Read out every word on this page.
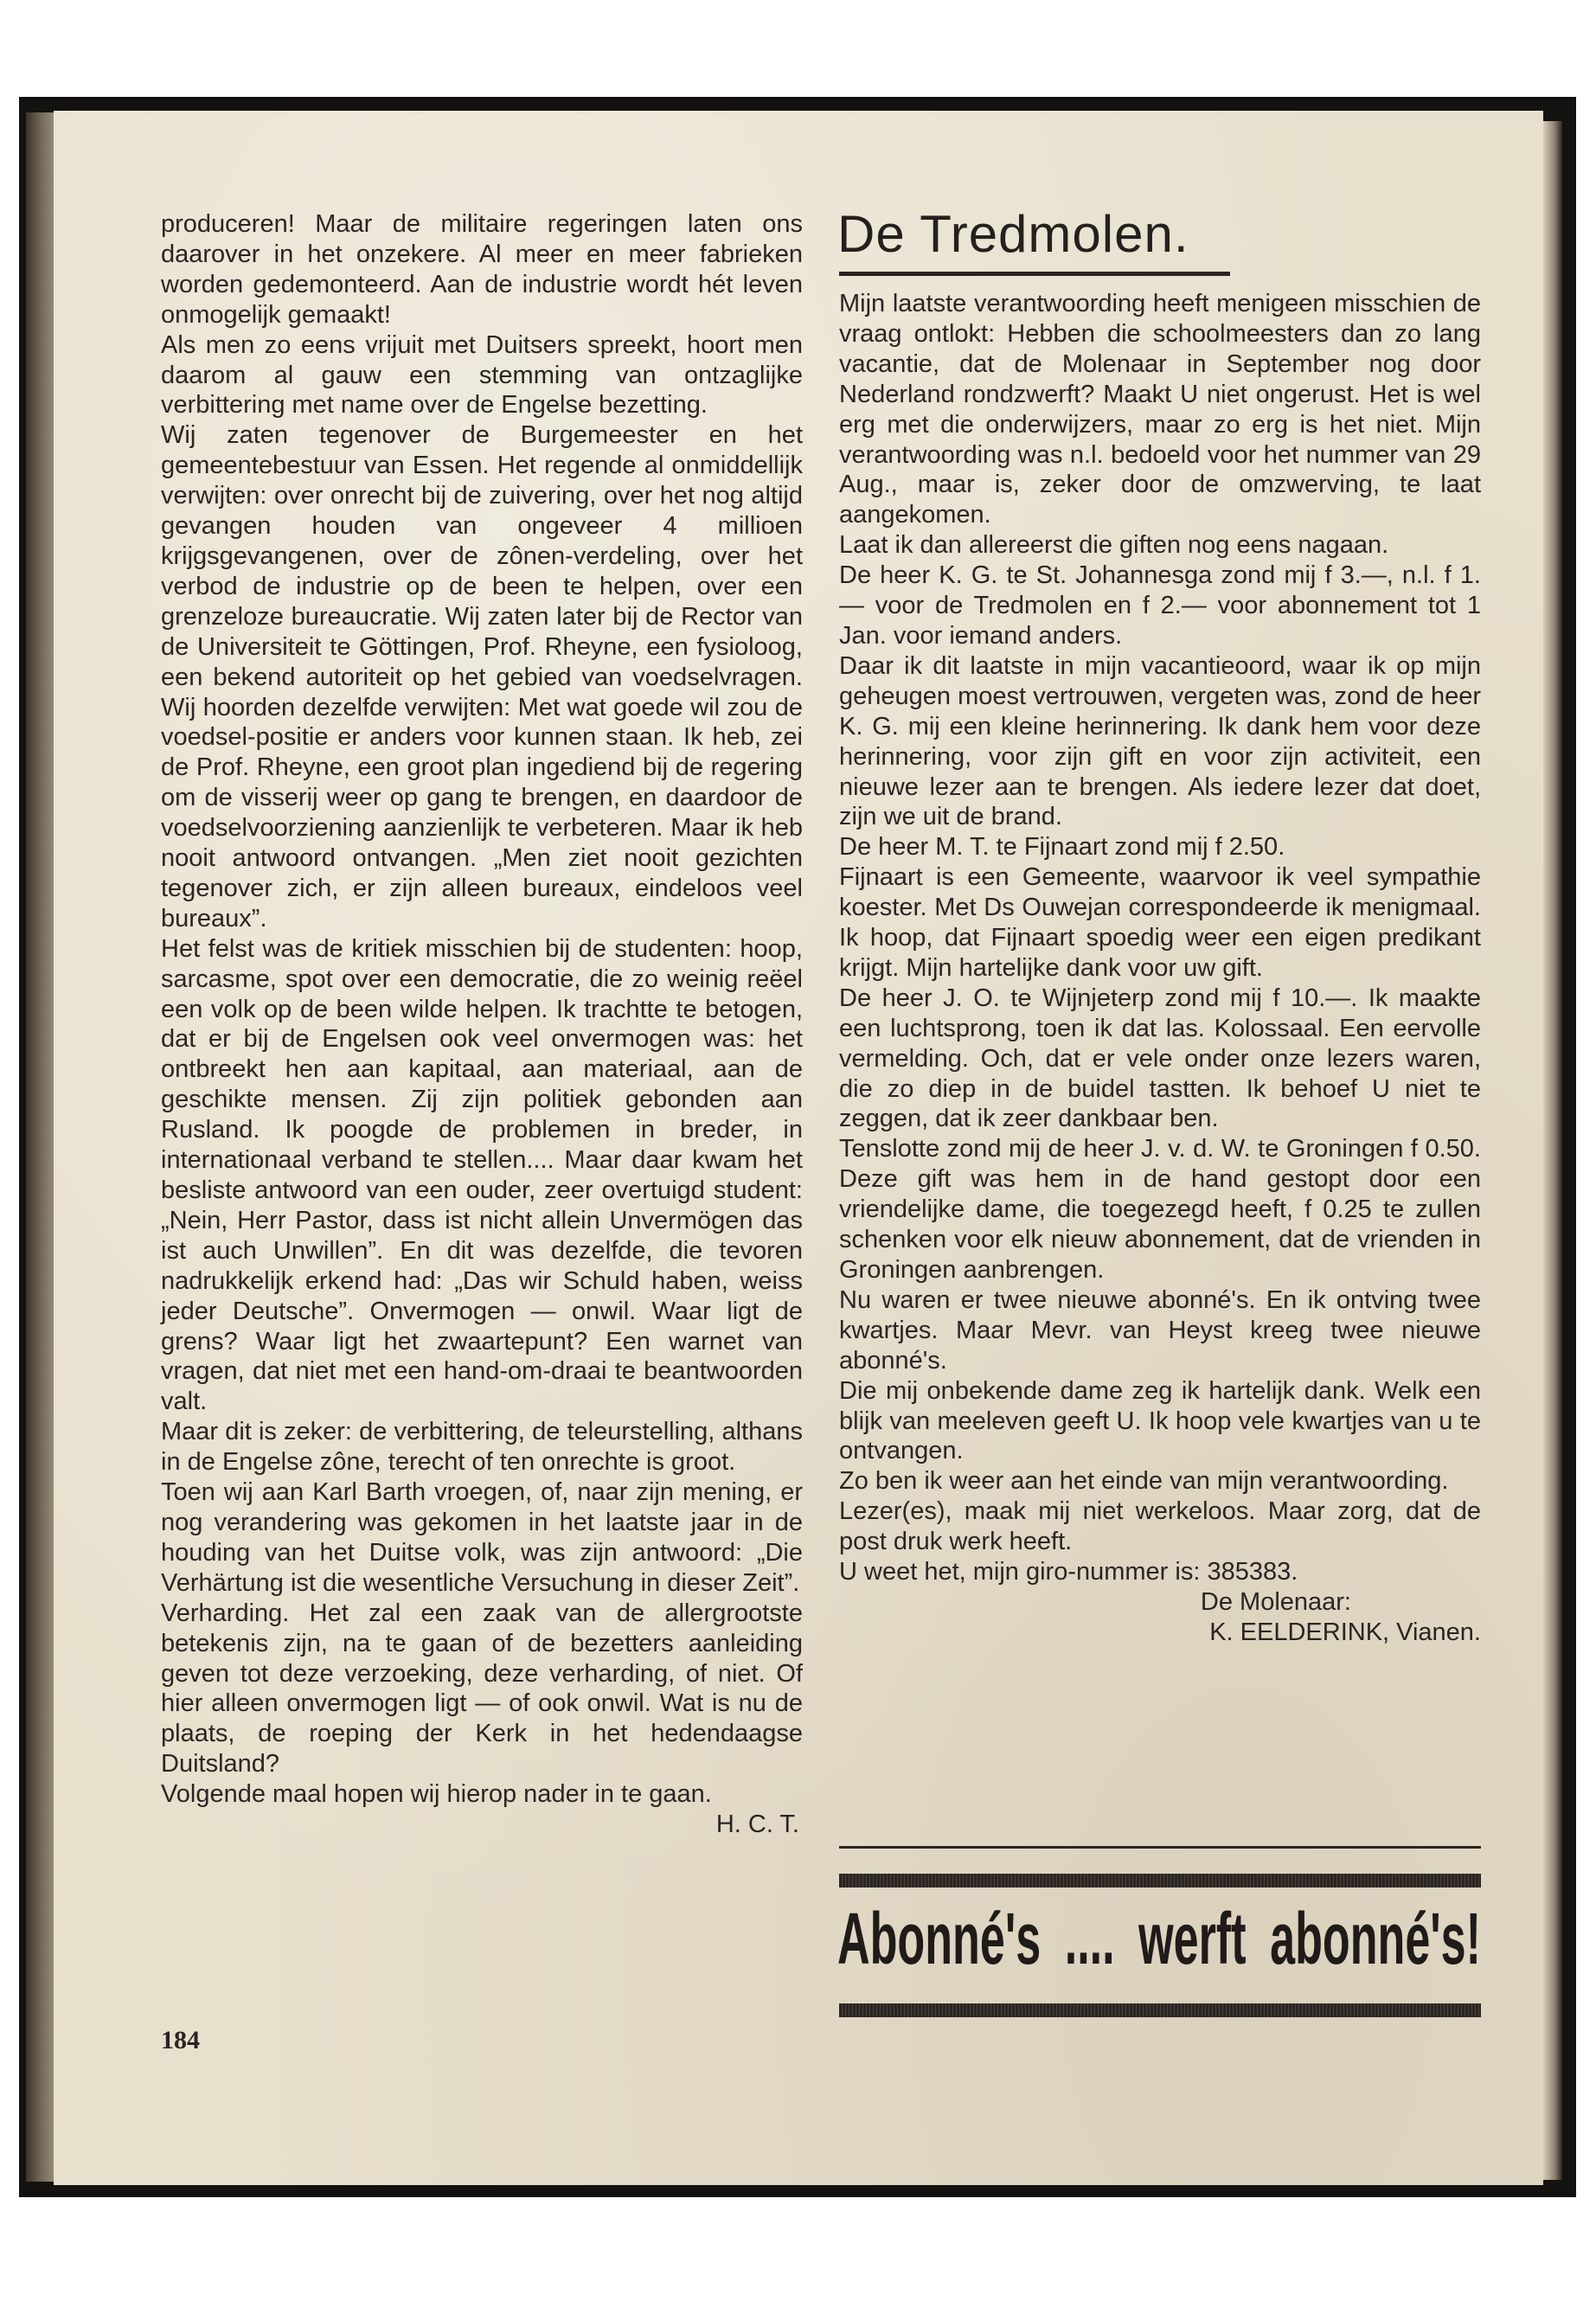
produceren! Maar de militaire regeringen laten ons daarover in het onzekere. Al meer en meer fabrieken worden gedemonteerd. Aan de industrie wordt hét leven onmogelijk gemaakt!

Als men zo eens vrijuit met Duitsers spreekt, hoort men daarom al gauw een stemming van ontzaglijke verbittering met name over de Engelse bezetting.

Wij zaten tegenover de Burgemeester en het gemeentebestuur van Essen. Het regende al onmiddellijk verwijten: over onrecht bij de zuivering, over het nog altijd gevangen houden van ongeveer 4 millioen krijgsgevangenen, over de zônen-verdeling, over het verbod de industrie op de been te helpen, over een grenzeloze bureaucratie. Wij zaten later bij de Rector van de Universiteit te Göttingen, Prof. Rheyne, een fysioloog, een bekend autoriteit op het gebied van voedselvragen. Wij hoorden dezelfde verwijten: Met wat goede wil zou de voedsel-positie er anders voor kunnen staan. Ik heb, zei de Prof. Rheyne, een groot plan ingediend bij de regering om de visserij weer op gang te brengen, en daardoor de voedselvoorziening aanzienlijk te verbeteren. Maar ik heb nooit antwoord ontvangen. „Men ziet nooit gezichten tegenover zich, er zijn alleen bureaux, eindeloos veel bureaux”.

Het felst was de kritiek misschien bij de studenten: hoop, sarcasme, spot over een democratie, die zo weinig reëel een volk op de been wilde helpen. Ik trachtte te betogen, dat er bij de Engelsen ook veel onvermogen was: het ontbreekt hen aan kapitaal, aan materiaal, aan de geschikte mensen. Zij zijn politiek gebonden aan Rusland. Ik poogde de problemen in breder, in internationaal verband te stellen.... Maar daar kwam het besliste antwoord van een ouder, zeer overtuigd student: „Nein, Herr Pastor, dass ist nicht allein Unvermögen das ist auch Unwillen”. En dit was dezelfde, die tevoren nadrukkelijk erkend had: „Das wir Schuld haben, weiss jeder Deutsche”. Onvermogen — onwil. Waar ligt de grens? Waar ligt het zwaartepunt? Een warnet van vragen, dat niet met een hand-om-draai te beantwoorden valt.

Maar dit is zeker: de verbittering, de teleurstelling, althans in de Engelse zône, terecht of ten onrechte is groot.

Toen wij aan Karl Barth vroegen, of, naar zijn mening, er nog verandering was gekomen in het laatste jaar in de houding van het Duitse volk, was zijn antwoord: „Die Verhärtung ist die wesentliche Versuchung in dieser Zeit”.

Verharding. Het zal een zaak van de allergrootste betekenis zijn, na te gaan of de bezetters aanleiding geven tot deze verzoeking, deze verharding, of niet. Of hier alleen onvermogen ligt — of ook onwil. Wat is nu de plaats, de roeping der Kerk in het hedendaagse Duitsland?

Volgende maal hopen wij hierop nader in te gaan.

H. C. T.
184
De Tredmolen.

Mijn laatste verantwoording heeft menigeen misschien de vraag ontlokt: Hebben die schoolmeesters dan zo lang vacantie, dat de Molenaar in September nog door Nederland rondzwerft? Maakt U niet ongerust. Het is wel erg met die onderwijzers, maar zo erg is het niet. Mijn verantwoording was n.l. bedoeld voor het nummer van 29 Aug., maar is, zeker door de omzwerving, te laat aangekomen.

Laat ik dan allereerst die giften nog eens nagaan.

De heer K. G. te St. Johannesga zond mij f 3.—, n.l. f 1.— voor de Tredmolen en f 2.— voor abonnement tot 1 Jan. voor iemand anders.

Daar ik dit laatste in mijn vacantieoord, waar ik op mijn geheugen moest vertrouwen, vergeten was, zond de heer K. G. mij een kleine herinnering. Ik dank hem voor deze herinnering, voor zijn gift en voor zijn activiteit, een nieuwe lezer aan te brengen. Als iedere lezer dat doet, zijn we uit de brand.

De heer M. T. te Fijnaart zond mij f 2.50.

Fijnaart is een Gemeente, waarvoor ik veel sympathie koester. Met Ds Ouwejan correspondeerde ik menigmaal. Ik hoop, dat Fijnaart spoedig weer een eigen predikant krijgt. Mijn hartelijke dank voor uw gift.

De heer J. O. te Wijnjeterp zond mij f 10.—. Ik maakte een luchtsprong, toen ik dat las. Kolossaal. Een eervolle vermelding. Och, dat er vele onder onze lezers waren, die zo diep in de buidel tastten. Ik behoef U niet te zeggen, dat ik zeer dankbaar ben.

Tenslotte zond mij de heer J. v. d. W. te Groningen f 0.50. Deze gift was hem in de hand gestopt door een vriendelijke dame, die toegezegd heeft, f 0.25 te zullen schenken voor elk nieuw abonnement, dat de vrienden in Groningen aanbrengen.

Nu waren er twee nieuwe abonné's. En ik ontving twee kwartjes. Maar Mevr. van Heyst kreeg twee nieuwe abonné's.

Die mij onbekende dame zeg ik hartelijk dank. Welk een blijk van meeleven geeft U. Ik hoop vele kwartjes van u te ontvangen.

Zo ben ik weer aan het einde van mijn verantwoording.

Lezer(es), maak mij niet werkeloos. Maar zorg, dat de post druk werk heeft.

U weet het, mijn giro-nummer is: 385383.

De Molenaar:
K. EELDERINK, Vianen.
Abonné's .... werft abonné's!
